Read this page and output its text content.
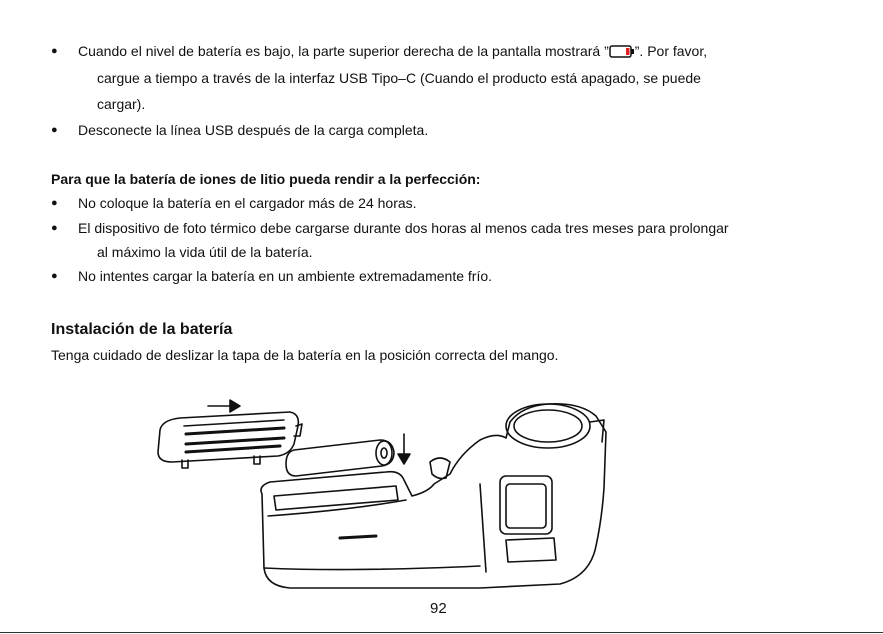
● Cuando el nivel de batería es bajo, la parte superior derecha de la pantalla mostrará ” ”. Por favor,
cargue a tiempo a través de la interfaz USB Tipo–C (Cuando el producto está apagado, se puede
cargar).
● Desconecte la línea USB después de la carga completa.
Para que la batería de iones de litio pueda rendir a la perfección:
● No coloque la batería en el cargador más de 24 horas.
● El dispositivo de foto térmico debe cargarse durante dos horas al menos cada tres meses para prolongar
al máximo la vida útil de la batería.
● No intentes cargar la batería en un ambiente extremadamente frío.
Instalación de la batería
Tenga cuidado de deslizar la tapa de la batería en la posición correcta del mango.
92
